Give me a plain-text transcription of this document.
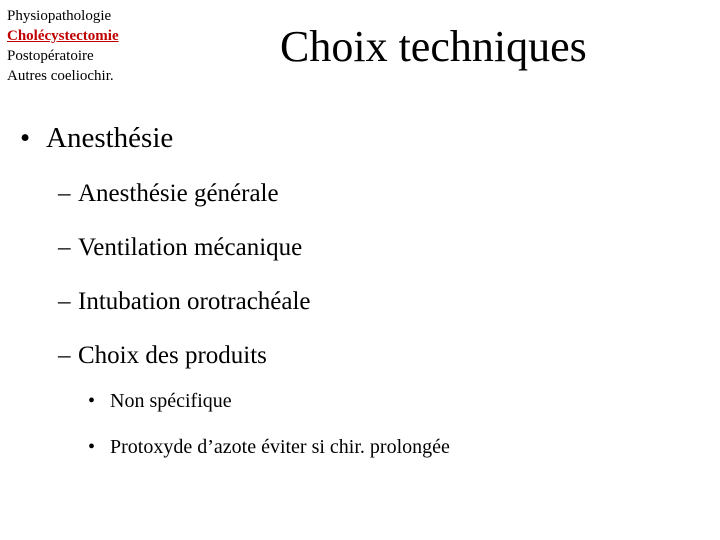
Physiopathologie
Cholécystectomie
Postopératoire
Autres coeliochir.
Choix techniques
• Anesthésie
– Anesthésie générale
– Ventilation mécanique
– Intubation orotrachéale
– Choix des produits
• Non spécifique
• Protoxyde d’azote éviter si chir. prolongée
